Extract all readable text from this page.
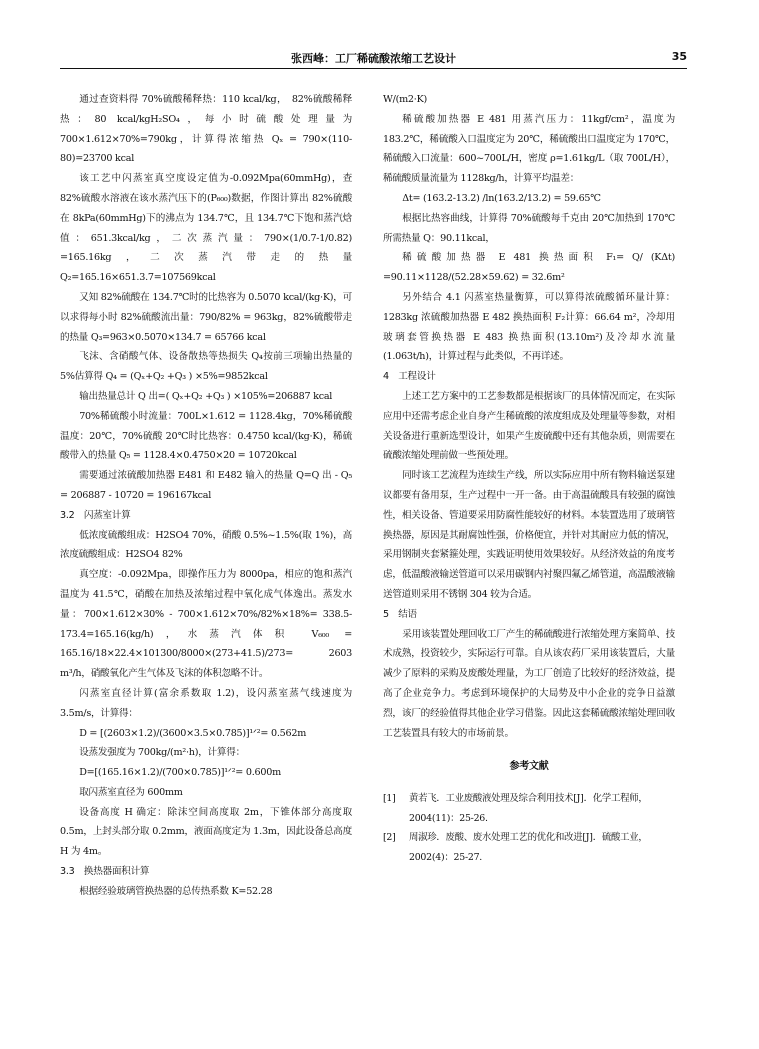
张西峰：工厂稀硫酸浓缩工艺设计	35

通过查资料得 70%硫酸稀释热：110 kcal/kg，　82%硫酸稀释热：80 kcal/kgH₂SO₄，每小时硫酸处理量为 700×1.612×70%=790kg，计算得浓缩热 Qₓ = 790×(110-80)=23700 kcal

该工艺中闪蒸室真空度设定值为-0.092Mpa(60mmHg)，查 82%硫酸水溶液在该水蒸汽压下的(P₆₀₀)数据，作图计算出 82%硫酸在 8kPa(60mmHg)下的沸点为 134.7℃，且 134.7℃下饱和蒸汽焓值：651.3kcal/kg，二次蒸汽量：790×(1/0.7-1/0.82) =165.16kg，二次蒸汽带走的热量 Q₂=165.16×651.3.7=107569kcal

又知 82%硫酸在 134.7℃时的比热容为 0.5070 kcal/(kg·K)，可以求得每小时 82%硫酸流出量：790/82% = 963kg，82%硫酸带走的热量 Q₃=963×0.5070×134.7 = 65766 kcal

飞沫、含硝酸气体、设备散热等热损失 Q₄按前三项输出热量的 5%估算得 Q₄ = (Qₓ+Q₂ +Q₃ ) ×5%=9852kcal

输出热量总计 Q 出=( Qₓ+Q₂ +Q₃ ) ×105%=206887 kcal

70%稀硫酸小时流量：700L×1.612 = 1128.4kg，70%稀硫酸温度：20℃，70%硫酸 20℃时比热容：0.4750 kcal/(kg·K)，稀硫酸带入的热量 Q₅ = 1128.4×0.4750×20 = 10720kcal

需要通过浓硫酸加热器 E481 和 E482 输入的热量 Q=Q 出 - Q₅ = 206887 - 10720 = 196167kcal

3.2　闪蒸室计算

低浓度硫酸组成：H2SO4 70%，硝酸 0.5%~1.5%(取 1%)，高浓度硫酸组成：H2SO4 82%

真空度：-0.092Mpa，即操作压力为 8000pa，相应的饱和蒸汽温度为 41.5℃，硝酸在加热及浓缩过程中氧化成气体逸出。蒸发水量：700×1.612×30% - 700×1.612×70%/82%×18%= 338.5-173.4=165.16(kg/h)，水蒸汽体积 V₆₀₀ = 165.16/18×22.4×101300/8000×(273+41.5)/273= 2603 m³/h，硝酸氧化产生气体及飞沫的体积忽略不计。

闪蒸室直径计算(富余系数取 1.2)，设闪蒸室蒸气线速度为 3.5m/s，计算得：

D = [(2603×1.2)/(3600×3.5×0.785)]¹ᐟ²= 0.562m

设蒸发强度为 700kg/(m²·h)，计算得：

D=[(165.16×1.2)/(700×0.785)]¹ᐟ²= 0.600m

取闪蒸室直径为 600mm

设备高度 H 确定：除沫空间高度取 2m，下锥体部分高度取 0.5m，上封头部分取 0.2mm，液面高度定为 1.3m，因此设备总高度 H 为 4m。

3.3　换热器面积计算

根据经验玻璃管换热器的总传热系数 K=52.28

W/(m2·K)

稀硫酸加热器 E 481 用蒸汽压力：11kgf/cm²，温度为 183.2℃，稀硫酸入口温度定为 20℃，稀硫酸出口温度定为 170℃，稀硫酸入口流量：600~700L/H，密度 ρ=1.61kg/L（取 700L/H），稀硫酸质量流量为 1128kg/h，计算平均温差：

Δt= (163.2-13.2) /ln(163.2/13.2) = 59.65℃

根据比热容曲线，计算得 70%硫酸每千克由 20℃加热到 170℃所需热量 Q：90.11kcal，

稀硫酸加热器 E 481 换热面积 F₁= Q/ (KΔt) =90.11×1128/(52.28×59.62) = 32.6m²

另外结合 4.1 闪蒸室热量衡算，可以算得浓硫酸循环量计算：1283kg 浓硫酸加热器 E 482 换热面积 F₂计算：66.64 m²，冷却用玻璃套管换热器 E 483 换热面积(13.10m²)及冷却水流量(1.063t/h)，计算过程与此类似，不再详述。

4　工程设计

上述工艺方案中的工艺参数都是根据该厂的具体情况而定，在实际应用中还需考虑企业自身产生稀硫酸的浓度组成及处理量等参数，对相关设备进行重新选型设计，如果产生废硫酸中还有其他杂质，则需要在硫酸浓缩处理前做一些预处理。

同时该工艺流程为连续生产线，所以实际应用中所有物料输送泵建议都要有备用泵，生产过程中一开一备。由于高温硫酸具有较强的腐蚀性，相关设备、管道要采用防腐性能较好的材料。本装置选用了玻璃管换热器，原因是其耐腐蚀性强，价格便宜，并针对其耐应力低的情况，采用钢制夹套紧箍处理，实践证明使用效果较好。从经济效益的角度考虑，低温酸液输送管道可以采用碳钢内衬聚四氟乙烯管道，高温酸液输送管道则采用不锈钢 304 较为合适。

5　结语

采用该装置处理回收工厂产生的稀硫酸进行浓缩处理方案简单、技术成熟，投资较少，实际运行可靠。自从该农药厂采用该装置后，大量减少了原料的采购及废酸处理量，为工厂创造了比较好的经济效益，提高了企业竞争力。考虑到环境保护的大局势及中小企业的竞争日益激烈，该厂的经验值得其他企业学习借鉴。因此这套稀硫酸浓缩处理回收工艺装置具有较大的市场前景。

参考文献

[1]	黄若飞．工业废酸液处理及综合利用技术[J]．化学工程师，2004(11)：25-26.
[2]	周淑珍．废酸、废水处理工艺的优化和改进[J]．硫酸工业，2002(4)：25-27.
